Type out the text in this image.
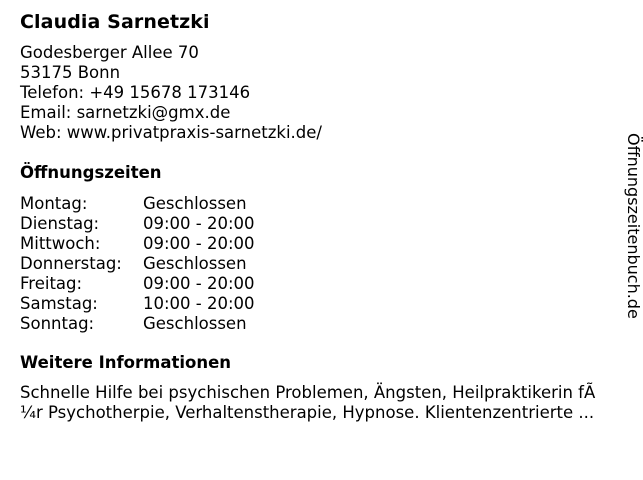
Claudia Sarnetzki
Godesberger Allee 70
53175 Bonn
Telefon: +49 15678 173146
Email: sarnetzki@gmx.de
Web: www.privatpraxis-sarnetzki.de/
Öffnungszeiten
Montag:	Geschlossen
Dienstag:	09:00 - 20:00
Mittwoch:	09:00 - 20:00
Donnerstag:	Geschlossen
Freitag:	09:00 - 20:00
Samstag:	10:00 - 20:00
Sonntag:	Geschlossen
Weitere Informationen
Schnelle Hilfe bei psychischen Problemen, Ängsten, Heilpraktikerin fÃ
¼r Psychotherpie, Verhaltenstherapie, Hypnose. Klientenzentrierte ...
Öffnungszeitenbuch.de
